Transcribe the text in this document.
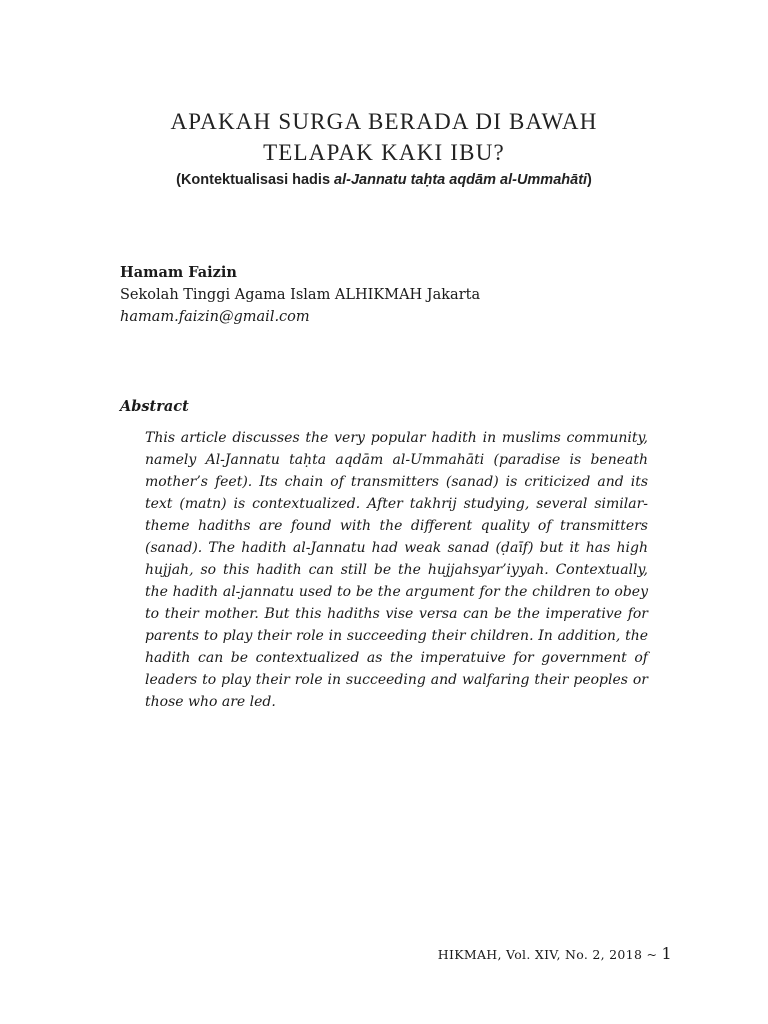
APAKAH SURGA BERADA DI BAWAH
TELAPAK KAKI IBU?
(Kontektualisasi hadis al-Jannatu taḥta aqdām al-Ummahāti)
Hamam Faizin
Sekolah Tinggi Agama Islam ALHIKMAH Jakarta
hamam.faizin@gmail.com
Abstract

This article discusses the very popular hadith in muslims community, namely Al-Jannatu taḥta aqdām al-Ummahāti (paradise is beneath mother’s feet). Its chain of transmitters (sanad) is criticized and its text (matn) is contextualized. After takhrij studying, several similar-theme hadiths are found with the different quality of transmitters (sanad). The hadith al-Jannatu had weak sanad (ḍaīf) but it has high hujjah, so this hadith can still be the hujjahsyar’iyyah. Contextually, the hadith al-jannatu used to be the argument for the children to obey to their mother. But this hadiths vise versa can be the imperative for parents to play their role in succeeding their children. In addition, the hadith can be contextualized as the imperatuive for government of leaders to play their role in succeeding and walfaring their peoples or those who are led.

HIKMAH, Vol. XIV, No. 2, 2018 ~ 1
